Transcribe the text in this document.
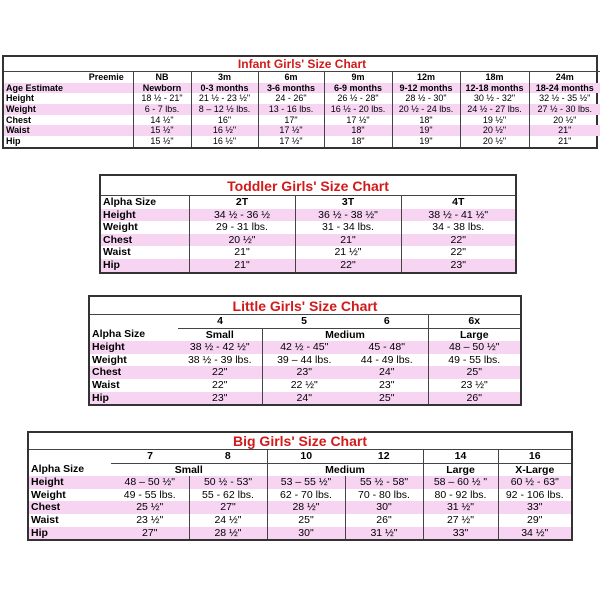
Infant Girls' Size Chart								
	Preemie	NB	3m	6m	9m	12m	18m	24m
Age Estimate		Newborn	0-3 months	3-6 months	6-9 months	9-12 months	12-18 months	18-24 months
Height		18 ½ - 21"	21 ½ - 23 ½"	24 - 26"	26 ½ - 28"	28 ½ - 30"	30 ½ - 32"	32 ½ - 35 ½"
Weight		6 - 7 lbs.	8 – 12 ½ lbs.	13 - 16 lbs.	16 ½ - 20 lbs.	20 ½ - 24 lbs.	24 ½ - 27 lbs.	27 ½ - 30 lbs.
Chest		14 ½"	16"	17"	17 ½"	18"	19 ½"	20 ½"
Waist		15 ½"	16 ½"	17 ½"	18"	19"	20 ½"	21"
Hip		15 ½"	16 ½"	17 ½"	18"	19"	20 ½"	21"
Toddler Girls' Size Chart			
Alpha Size	2T	3T	4T
Height	34 ½ - 36 ½	36 ½ - 38 ½"	38 ½ - 41 ½"
Weight	29 - 31 lbs.	31 - 34 lbs.	34 - 38 lbs.
Chest	20 ½"	21"	22"
Waist	21"	21 ½"	22"
Hip	21"	22"	23"
Little Girls' Size Chart				
	4	5	6	6x
Alpha Size	Small	Medium		Large
Height	38 ½ - 42 ½"	42 ½ - 45"	45 - 48"	48 – 50 ½"
Weight	38 ½ - 39 lbs.	39 – 44 lbs.	44 - 49 lbs.	49 - 55 lbs.
Chest	22"	23"	24"	25"
Waist	22"	22 ½"	23"	23 ½"
Hip	23"	24"	25"	26"
Big Girls' Size Chart						
	7	8	10	12	14	16
Alpha Size	Small		Medium		Large	X-Large
Height	48 – 50 ½"	50 ½ - 53"	53 – 55 ½"	55 ½ - 58"	58 – 60 ½ "	60 ½ - 63"
Weight	49 - 55 lbs.	55 - 62 lbs.	62 - 70 lbs.	70 - 80 lbs.	80 - 92 lbs.	92 - 106 lbs.
Chest	25 ½"	27"	28 ½"	30"	31 ½"	33"
Waist	23 ½"	24 ½"	25"	26"	27 ½"	29"
Hip	27"	28 ½"	30"	31 ½"	33"	34 ½"
